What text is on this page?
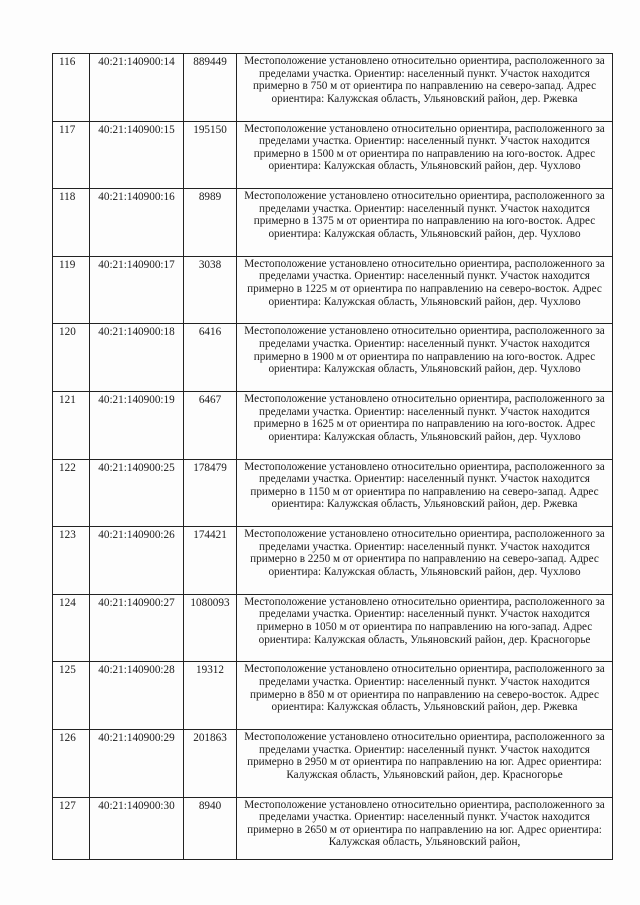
116	40:21:140900:14	889449	Местоположение установлено относительно ориентира, расположенного за пределами участка. Ориентир: населенный пункт. Участок находится примерно в 750 м от ориентира по направлению на северо-запад. Адрес ориентира: Калужская область, Ульяновский район, дер. Ржевка
117	40:21:140900:15	195150	Местоположение установлено относительно ориентира, расположенного за пределами участка. Ориентир: населенный пункт. Участок находится примерно в 1500 м от ориентира по направлению на юго-восток. Адрес ориентира: Калужская область, Ульяновский район, дер. Чухлово
118	40:21:140900:16	8989	Местоположение установлено относительно ориентира, расположенного за пределами участка. Ориентир: населенный пункт. Участок находится примерно в 1375 м от ориентира по направлению на юго-восток. Адрес ориентира: Калужская область, Ульяновский район, дер. Чухлово
119	40:21:140900:17	3038	Местоположение установлено относительно ориентира, расположенного за пределами участка. Ориентир: населенный пункт. Участок находится примерно в 1225 м от ориентира по направлению на северо-восток. Адрес ориентира: Калужская область, Ульяновский район, дер. Чухлово
120	40:21:140900:18	6416	Местоположение установлено относительно ориентира, расположенного за пределами участка. Ориентир: населенный пункт. Участок находится примерно в 1900 м от ориентира по направлению на юго-восток. Адрес ориентира: Калужская область, Ульяновский район, дер. Чухлово
121	40:21:140900:19	6467	Местоположение установлено относительно ориентира, расположенного за пределами участка. Ориентир: населенный пункт. Участок находится примерно в 1625 м от ориентира по направлению на юго-восток. Адрес ориентира: Калужская область, Ульяновский район, дер. Чухлово
122	40:21:140900:25	178479	Местоположение установлено относительно ориентира, расположенного за пределами участка. Ориентир: населенный пункт. Участок находится примерно в 1150 м от ориентира по направлению на северо-запад. Адрес ориентира: Калужская область, Ульяновский район, дер. Ржевка
123	40:21:140900:26	174421	Местоположение установлено относительно ориентира, расположенного за пределами участка. Ориентир: населенный пункт. Участок находится примерно в 2250 м от ориентира по направлению на северо-запад. Адрес ориентира: Калужская область, Ульяновский район, дер. Чухлово
124	40:21:140900:27	1080093	Местоположение установлено относительно ориентира, расположенного за пределами участка. Ориентир: населенный пункт. Участок находится примерно в 1050 м от ориентира по направлению на юго-запад. Адрес ориентира: Калужская область, Ульяновский район, дер. Красногорье
125	40:21:140900:28	19312	Местоположение установлено относительно ориентира, расположенного за пределами участка. Ориентир: населенный пункт. Участок находится примерно в 850 м от ориентира по направлению на северо-восток. Адрес ориентира: Калужская область, Ульяновский район, дер. Ржевка
126	40:21:140900:29	201863	Местоположение установлено относительно ориентира, расположенного за пределами участка. Ориентир: населенный пункт. Участок находится примерно в 2950 м от ориентира по направлению на юг. Адрес ориентира: Калужская область, Ульяновский район, дер. Красногорье
127	40:21:140900:30	8940	Местоположение установлено относительно ориентира, расположенного за пределами участка. Ориентир: населенный пункт. Участок находится примерно в 2650 м от ориентира по направлению на юг. Адрес ориентира: Калужская область, Ульяновский район,
